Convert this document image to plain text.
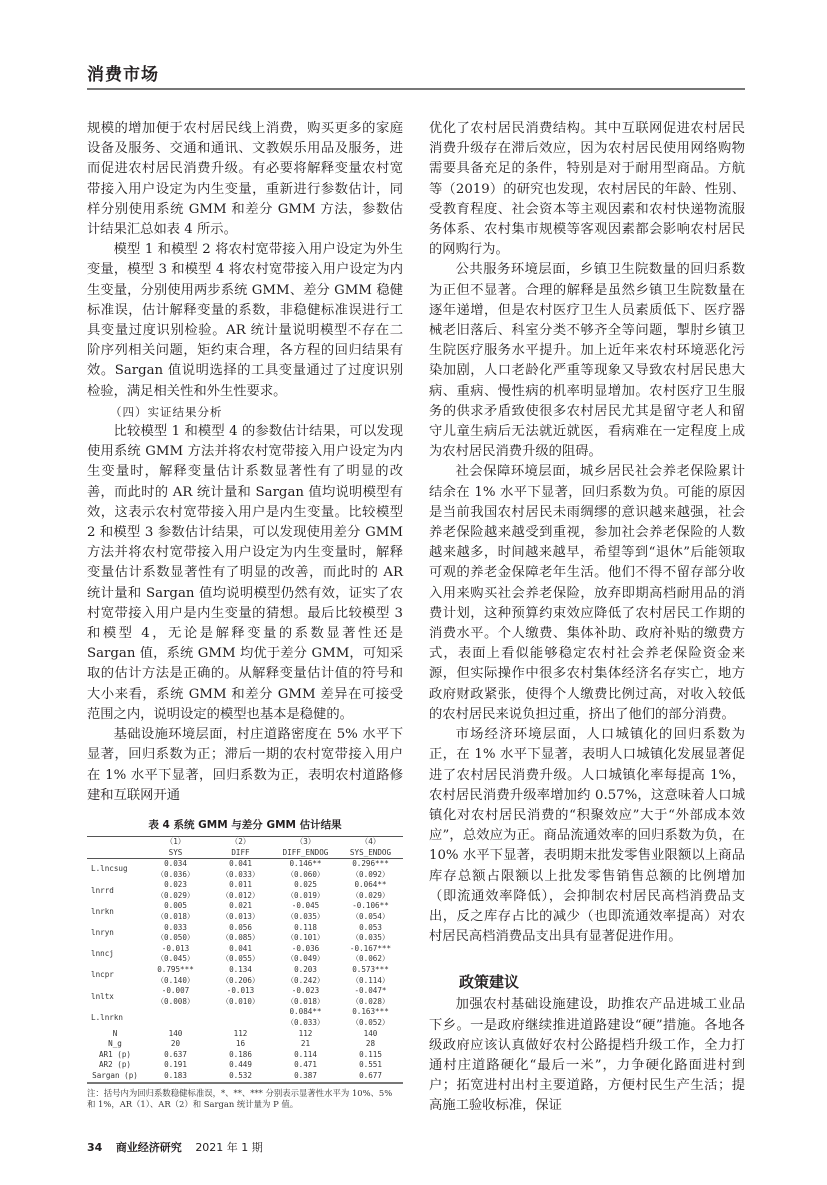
消费市场

规模的增加便于农村居民线上消费，购买更多的家庭设备及服务、交通和通讯、文教娱乐用品及服务，进而促进农村居民消费升级。有必要将解释变量农村宽带接入用户设定为内生变量，重新进行参数估计，同样分别使用系统 GMM 和差分 GMM 方法，参数估计结果汇总如表 4 所示。

模型 1 和模型 2 将农村宽带接入用户设定为外生变量，模型 3 和模型 4 将农村宽带接入用户设定为内生变量，分别使用两步系统 GMM、差分 GMM 稳健标准误，估计解释变量的系数，非稳健标准误进行工具变量过度识别检验。AR 统计量说明模型不存在二阶序列相关问题，矩约束合理，各方程的回归结果有效。Sargan 值说明选择的工具变量通过了过度识别检验，满足相关性和外生性要求。

（四）实证结果分析

比较模型 1 和模型 4 的参数估计结果，可以发现使用系统 GMM 方法并将农村宽带接入用户设定为内生变量时，解释变量估计系数显著性有了明显的改善，而此时的 AR 统计量和 Sargan 值均说明模型有效，这表示农村宽带接入用户是内生变量。比较模型 2 和模型 3 参数估计结果，可以发现使用差分 GMM 方法并将农村宽带接入用户设定为内生变量时，解释变量估计系数显著性有了明显的改善，而此时的 AR 统计量和 Sargan 值均说明模型仍然有效，证实了农村宽带接入用户是内生变量的猜想。最后比较模型 3 和模型 4，无论是解释变量的系数显著性还是 Sargan 值，系统 GMM 均优于差分 GMM，可知采取的估计方法是正确的。从解释变量估计值的符号和大小来看，系统 GMM 和差分 GMM 差异在可接受范围之内，说明设定的模型也基本是稳健的。

基础设施环境层面，村庄道路密度在 5% 水平下显著，回归系数为正；滞后一期的农村宽带接入用户在 1% 水平下显著，回归系数为正，表明农村道路修建和互联网开通

表 4 系统 GMM 与差分 GMM 估计结果
	（1）	（2）	（3）	（4）
	SYS	DIFF	DIFF_ENDOG	SYS_ENDOG
L.lncsug	0.034	0.041	0.146**	0.296***
	（0.036）	（0.033）	（0.060）	（0.092）
lnrrd	0.023	0.011	0.025	0.064**
	（0.029）	（0.012）	（0.019）	（0.029）
lnrkn	0.005	0.021	-0.045	-0.106**
	（0.018）	（0.013）	（0.035）	（0.054）
lnryn	0.033	0.056	0.118	0.053
	（0.050）	（0.085）	（0.101）	（0.035）
lnncj	-0.013	0.041	-0.036	-0.167***
	（0.045）	（0.055）	（0.049）	（0.062）
lncpr	0.795***	0.134	0.203	0.573***
	（0.140）	（0.206）	（0.242）	（0.114）
lnltx	-0.007	-0.013	-0.023	-0.047*
	（0.008）	（0.010）	（0.018）	（0.028）
L.lnrkn			0.084**	0.163***
			（0.033）	（0.052）
N	140	112	112	140
N_g	20	16	21	28
AR1 (p)	0.637	0.186	0.114	0.115
AR2 (p)	0.191	0.449	0.471	0.551
Sargan (p)	0.183	0.532	0.387	0.677
注：括号内为回归系数稳健标准误，*、**、*** 分别表示显著性水平为 10%、5% 和 1%，AR（1）、AR（2）和 Sargan 统计量为 P 值。

优化了农村居民消费结构。其中互联网促进农村居民消费升级存在滞后效应，因为农村居民使用网络购物需要具备充足的条件，特别是对于耐用型商品。方航等（2019）的研究也发现，农村居民的年龄、性别、受教育程度、社会资本等主观因素和农村快递物流服务体系、农村集市规模等客观因素都会影响农村居民的网购行为。

公共服务环境层面，乡镇卫生院数量的回归系数为正但不显著。合理的解释是虽然乡镇卫生院数量在逐年递增，但是农村医疗卫生人员素质低下、医疗器械老旧落后、科室分类不够齐全等问题，掣肘乡镇卫生院医疗服务水平提升。加上近年来农村环境恶化污染加剧，人口老龄化严重等现象又导致农村居民患大病、重病、慢性病的机率明显增加。农村医疗卫生服务的供求矛盾致使很多农村居民尤其是留守老人和留守儿童生病后无法就近就医，看病难在一定程度上成为农村居民消费升级的阻碍。

社会保障环境层面，城乡居民社会养老保险累计结余在 1% 水平下显著，回归系数为负。可能的原因是当前我国农村居民未雨绸缪的意识越来越强，社会养老保险越来越受到重视，参加社会养老保险的人数越来越多，时间越来越早，希望等到“退休”后能领取可观的养老金保障老年生活。他们不得不留存部分收入用来购买社会养老保险，放弃即期高档耐用品的消费计划，这种预算约束效应降低了农村居民工作期的消费水平。个人缴费、集体补助、政府补贴的缴费方式，表面上看似能够稳定农村社会养老保险资金来源，但实际操作中很多农村集体经济名存实亡，地方政府财政紧张，使得个人缴费比例过高，对收入较低的农村居民来说负担过重，挤出了他们的部分消费。

市场经济环境层面，人口城镇化的回归系数为正，在 1% 水平下显著，表明人口城镇化发展显著促进了农村居民消费升级。人口城镇化率每提高 1%，农村居民消费升级率增加约 0.57%，这意味着人口城镇化对农村居民消费的“积聚效应”大于“外部成本效应”，总效应为正。商品流通效率的回归系数为负，在 10% 水平下显著，表明期末批发零售业限额以上商品库存总额占限额以上批发零售销售总额的比例增加（即流通效率降低），会抑制农村居民高档消费品支出，反之库存占比的减少（也即流通效率提高）对农村居民高档消费品支出具有显著促进作用。

政策建议

加强农村基础设施建设，助推农产品进城工业品下乡。一是政府继续推进道路建设“硬”措施。各地各级政府应该认真做好农村公路提档升级工作，全力打通村庄道路硬化“最后一米”，力争硬化路面进村到户；拓宽进村出村主要道路，方便村民生产生活；提高施工验收标准，保证

34 商业经济研究 2021 年 1 期
